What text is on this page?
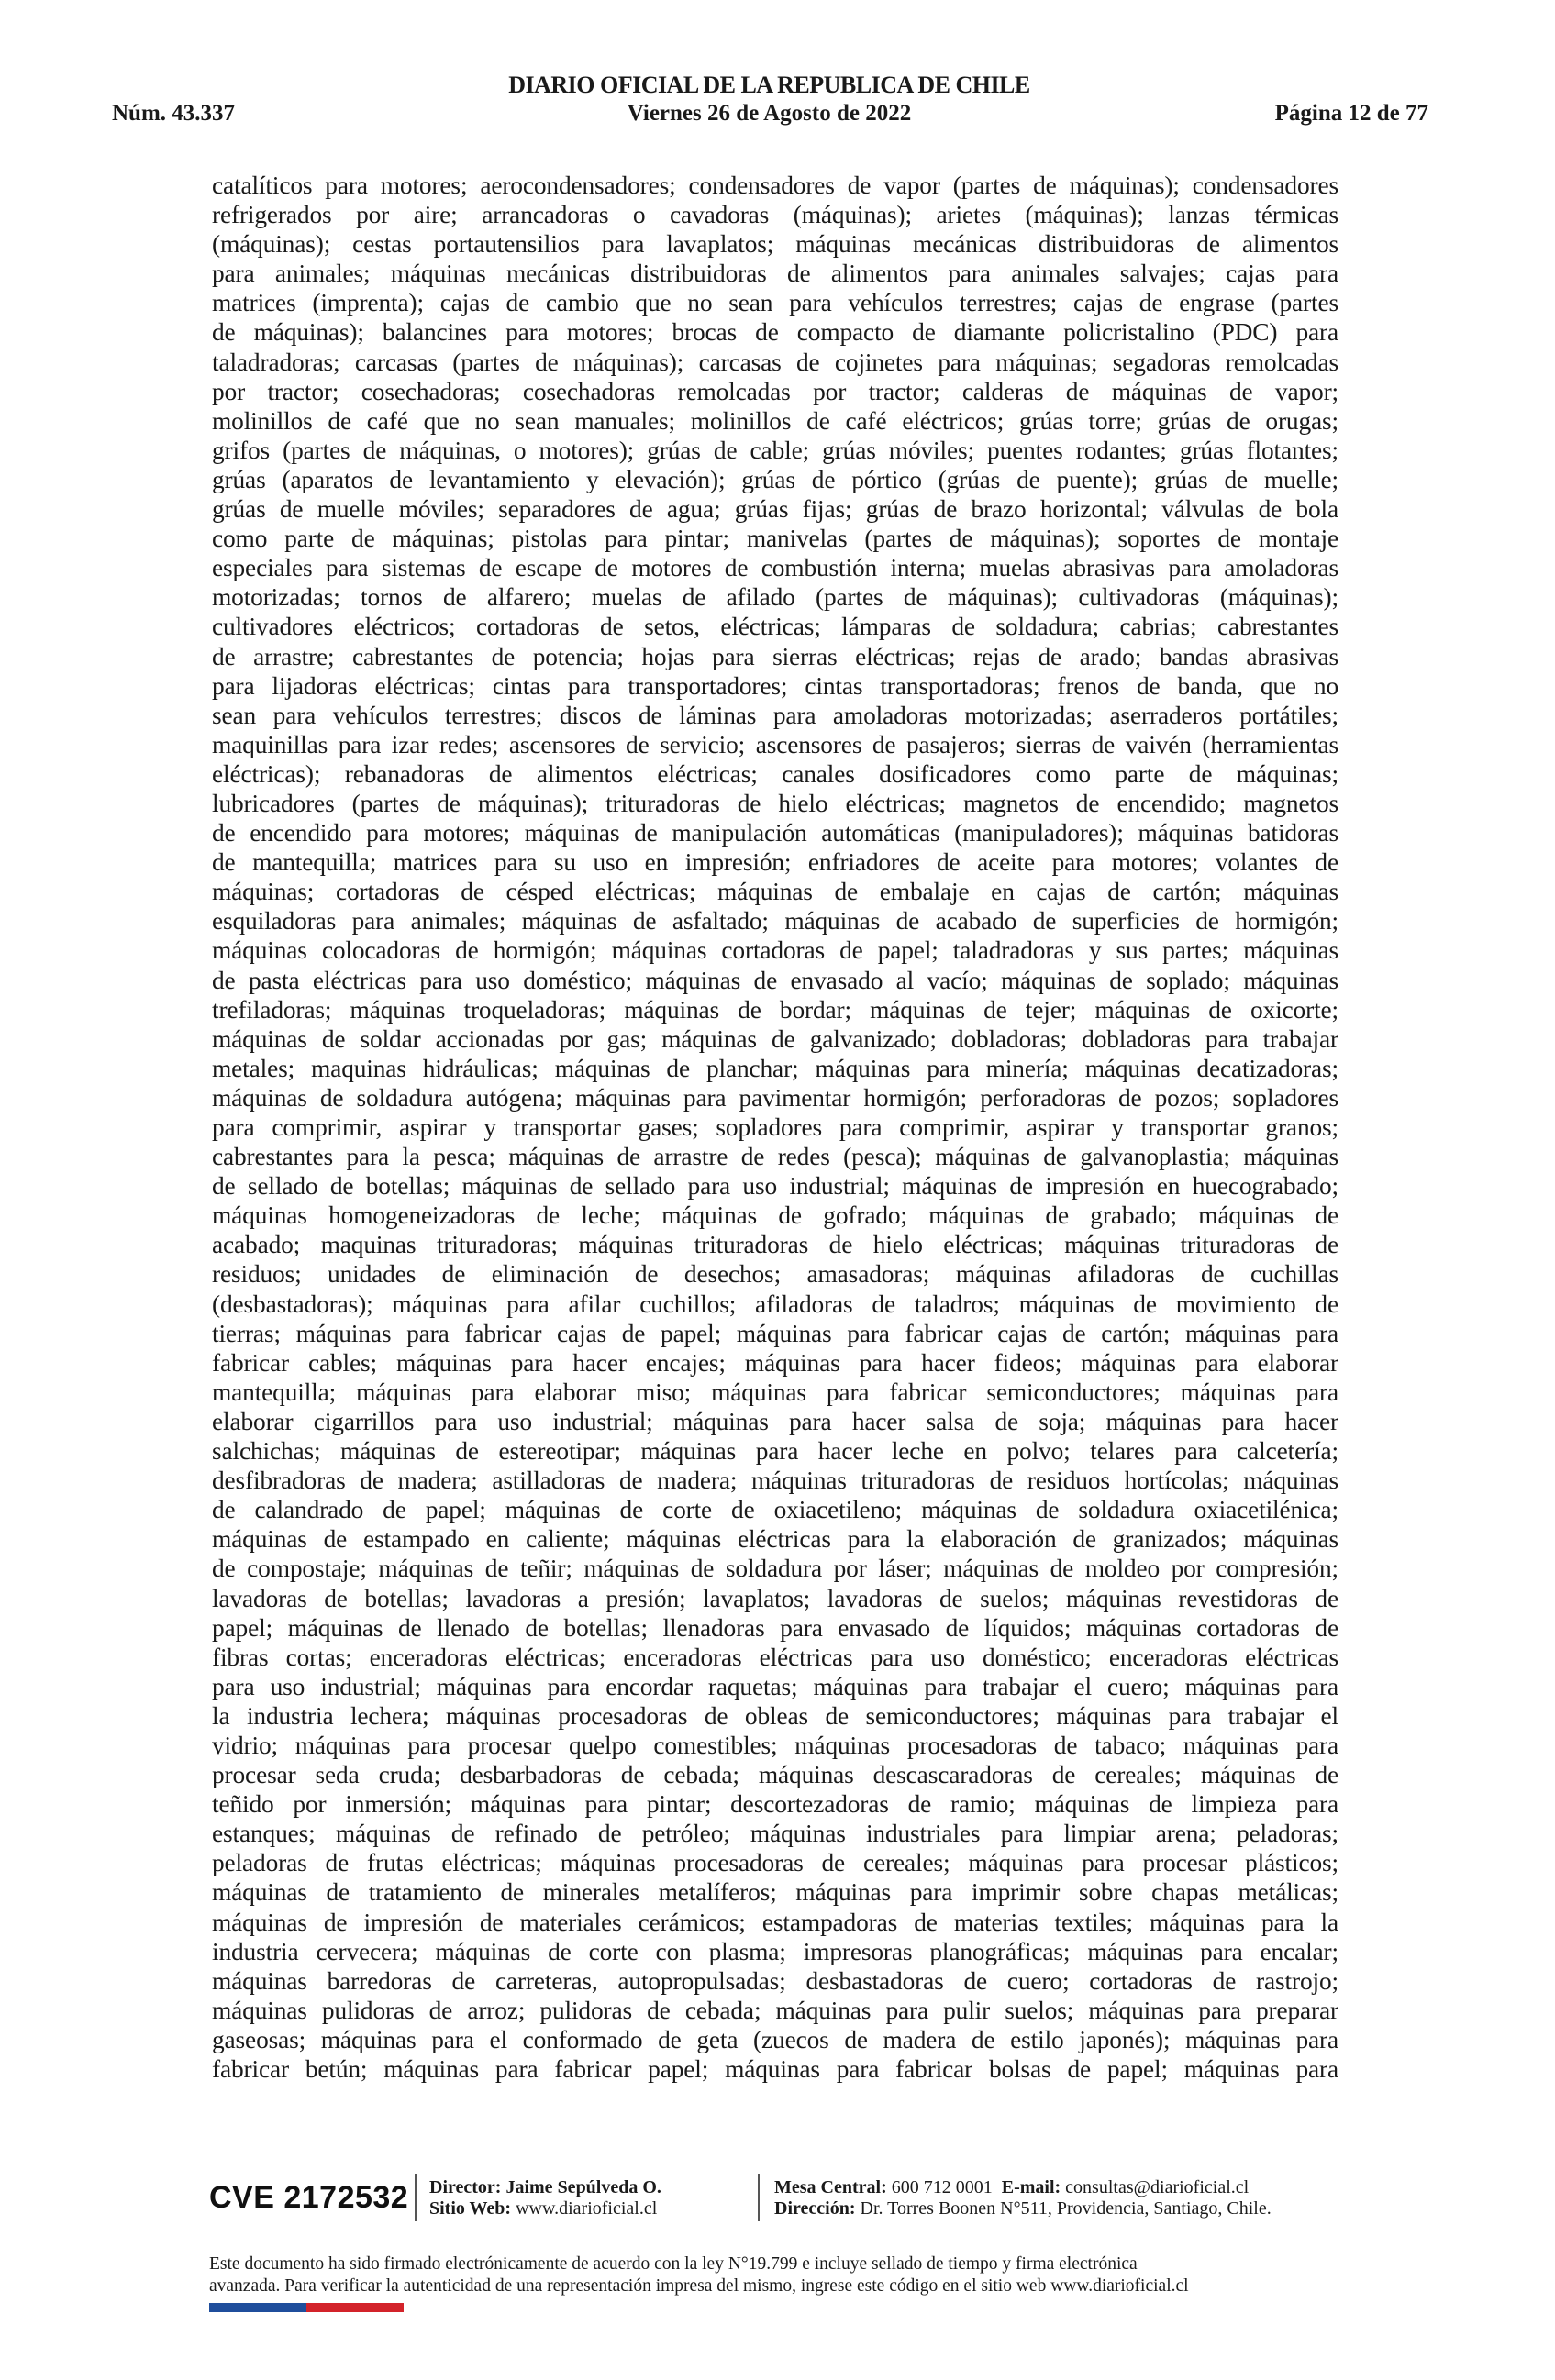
DIARIO OFICIAL DE LA REPUBLICA DE CHILE
Núm. 43.337	Viernes 26 de Agosto de 2022	Página 12 de 77
catalíticos para motores; aerocondensadores; condensadores de vapor (partes de máquinas); condensadores
refrigerados por aire; arrancadoras o cavadoras (máquinas); arietes (máquinas); lanzas térmicas
(máquinas); cestas portautensilios para lavaplatos; máquinas mecánicas distribuidoras de alimentos
para animales; máquinas mecánicas distribuidoras de alimentos para animales salvajes; cajas para
matrices (imprenta); cajas de cambio que no sean para vehículos terrestres; cajas de engrase (partes
de máquinas); balancines para motores; brocas de compacto de diamante policristalino (PDC) para
taladradoras; carcasas (partes de máquinas); carcasas de cojinetes para máquinas; segadoras remolcadas
por tractor; cosechadoras; cosechadoras remolcadas por tractor; calderas de máquinas de vapor;
molinillos de café que no sean manuales; molinillos de café eléctricos; grúas torre; grúas de orugas;
grifos (partes de máquinas, o motores); grúas de cable; grúas móviles; puentes rodantes; grúas flotantes;
grúas (aparatos de levantamiento y elevación); grúas de pórtico (grúas de puente); grúas de muelle;
grúas de muelle móviles; separadores de agua; grúas fijas; grúas de brazo horizontal; válvulas de bola
como parte de máquinas; pistolas para pintar; manivelas (partes de máquinas); soportes de montaje
especiales para sistemas de escape de motores de combustión interna; muelas abrasivas para amoladoras
motorizadas; tornos de alfarero; muelas de afilado (partes de máquinas); cultivadoras (máquinas);
cultivadores eléctricos; cortadoras de setos, eléctricas; lámparas de soldadura; cabrias; cabrestantes
de arrastre; cabrestantes de potencia; hojas para sierras eléctricas; rejas de arado; bandas abrasivas
para lijadoras eléctricas; cintas para transportadores; cintas transportadoras; frenos de banda, que no
sean para vehículos terrestres; discos de láminas para amoladoras motorizadas; aserraderos portátiles;
maquinillas para izar redes; ascensores de servicio; ascensores de pasajeros; sierras de vaivén (herramientas
eléctricas); rebanadoras de alimentos eléctricas; canales dosificadores como parte de máquinas;
lubricadores (partes de máquinas); trituradoras de hielo eléctricas; magnetos de encendido; magnetos
de encendido para motores; máquinas de manipulación automáticas (manipuladores); máquinas batidoras
de mantequilla; matrices para su uso en impresión; enfriadores de aceite para motores; volantes de
máquinas; cortadoras de césped eléctricas; máquinas de embalaje en cajas de cartón; máquinas
esquiladoras para animales; máquinas de asfaltado; máquinas de acabado de superficies de hormigón;
máquinas colocadoras de hormigón; máquinas cortadoras de papel; taladradoras y sus partes; máquinas
de pasta eléctricas para uso doméstico; máquinas de envasado al vacío; máquinas de soplado; máquinas
trefiladoras; máquinas troqueladoras; máquinas de bordar; máquinas de tejer; máquinas de oxicorte;
máquinas de soldar accionadas por gas; máquinas de galvanizado; dobladoras; dobladoras para trabajar
metales; maquinas hidráulicas; máquinas de planchar; máquinas para minería; máquinas decatizadoras;
máquinas de soldadura autógena; máquinas para pavimentar hormigón; perforadoras de pozos; sopladores
para comprimir, aspirar y transportar gases; sopladores para comprimir, aspirar y transportar granos;
cabrestantes para la pesca; máquinas de arrastre de redes (pesca); máquinas de galvanoplastia; máquinas
de sellado de botellas; máquinas de sellado para uso industrial; máquinas de impresión en huecograbado;
máquinas homogeneizadoras de leche; máquinas de gofrado; máquinas de grabado; máquinas de
acabado; maquinas trituradoras; máquinas trituradoras de hielo eléctricas; máquinas trituradoras de
residuos; unidades de eliminación de desechos; amasadoras; máquinas afiladoras de cuchillas
(desbastadoras); máquinas para afilar cuchillos; afiladoras de taladros; máquinas de movimiento de
tierras; máquinas para fabricar cajas de papel; máquinas para fabricar cajas de cartón; máquinas para
fabricar cables; máquinas para hacer encajes; máquinas para hacer fideos; máquinas para elaborar
mantequilla; máquinas para elaborar miso; máquinas para fabricar semiconductores; máquinas para
elaborar cigarrillos para uso industrial; máquinas para hacer salsa de soja; máquinas para hacer
salchichas; máquinas de estereotipar; máquinas para hacer leche en polvo; telares para calcetería;
desfibradoras de madera; astilladoras de madera; máquinas trituradoras de residuos hortícolas; máquinas
de calandrado de papel; máquinas de corte de oxiacetileno; máquinas de soldadura oxiacetilénica;
máquinas de estampado en caliente; máquinas eléctricas para la elaboración de granizados; máquinas
de compostaje; máquinas de teñir; máquinas de soldadura por láser; máquinas de moldeo por compresión;
lavadoras de botellas; lavadoras a presión; lavaplatos; lavadoras de suelos; máquinas revestidoras de
papel; máquinas de llenado de botellas; llenadoras para envasado de líquidos; máquinas cortadoras de
fibras cortas; enceradoras eléctricas; enceradoras eléctricas para uso doméstico; enceradoras eléctricas
para uso industrial; máquinas para encordar raquetas; máquinas para trabajar el cuero; máquinas para
la industria lechera; máquinas procesadoras de obleas de semiconductores; máquinas para trabajar el
vidrio; máquinas para procesar quelpo comestibles; máquinas procesadoras de tabaco; máquinas para
procesar seda cruda; desbarbadoras de cebada; máquinas descascaradoras de cereales; máquinas de
teñido por inmersión; máquinas para pintar; descortezadoras de ramio; máquinas de limpieza para
estanques; máquinas de refinado de petróleo; máquinas industriales para limpiar arena; peladoras;
peladoras de frutas eléctricas; máquinas procesadoras de cereales; máquinas para procesar plásticos;
máquinas de tratamiento de minerales metalíferos; máquinas para imprimir sobre chapas metálicas;
máquinas de impresión de materiales cerámicos; estampadoras de materias textiles; máquinas para la
industria cervecera; máquinas de corte con plasma; impresoras planográficas; máquinas para encalar;
máquinas barredoras de carreteras, autopropulsadas; desbastadoras de cuero; cortadoras de rastrojo;
máquinas pulidoras de arroz; pulidoras de cebada; máquinas para pulir suelos; máquinas para preparar
gaseosas; máquinas para el conformado de geta (zuecos de madera de estilo japonés); máquinas para
fabricar betún; máquinas para fabricar papel; máquinas para fabricar bolsas de papel; máquinas para
CVE 2172532 Director: Jaime Sepúlveda O.
Sitio Web: www.diarioficial.cl
Mesa Central: 600 712 0001 E-mail: consultas@diarioficial.cl
Dirección: Dr. Torres Boonen N°511, Providencia, Santiago, Chile.
Este documento ha sido firmado electrónicamente de acuerdo con la ley N°19.799 e incluye sellado de tiempo y firma electrónica
avanzada. Para verificar la autenticidad de una representación impresa del mismo, ingrese este código en el sitio web www.diarioficial.cl
